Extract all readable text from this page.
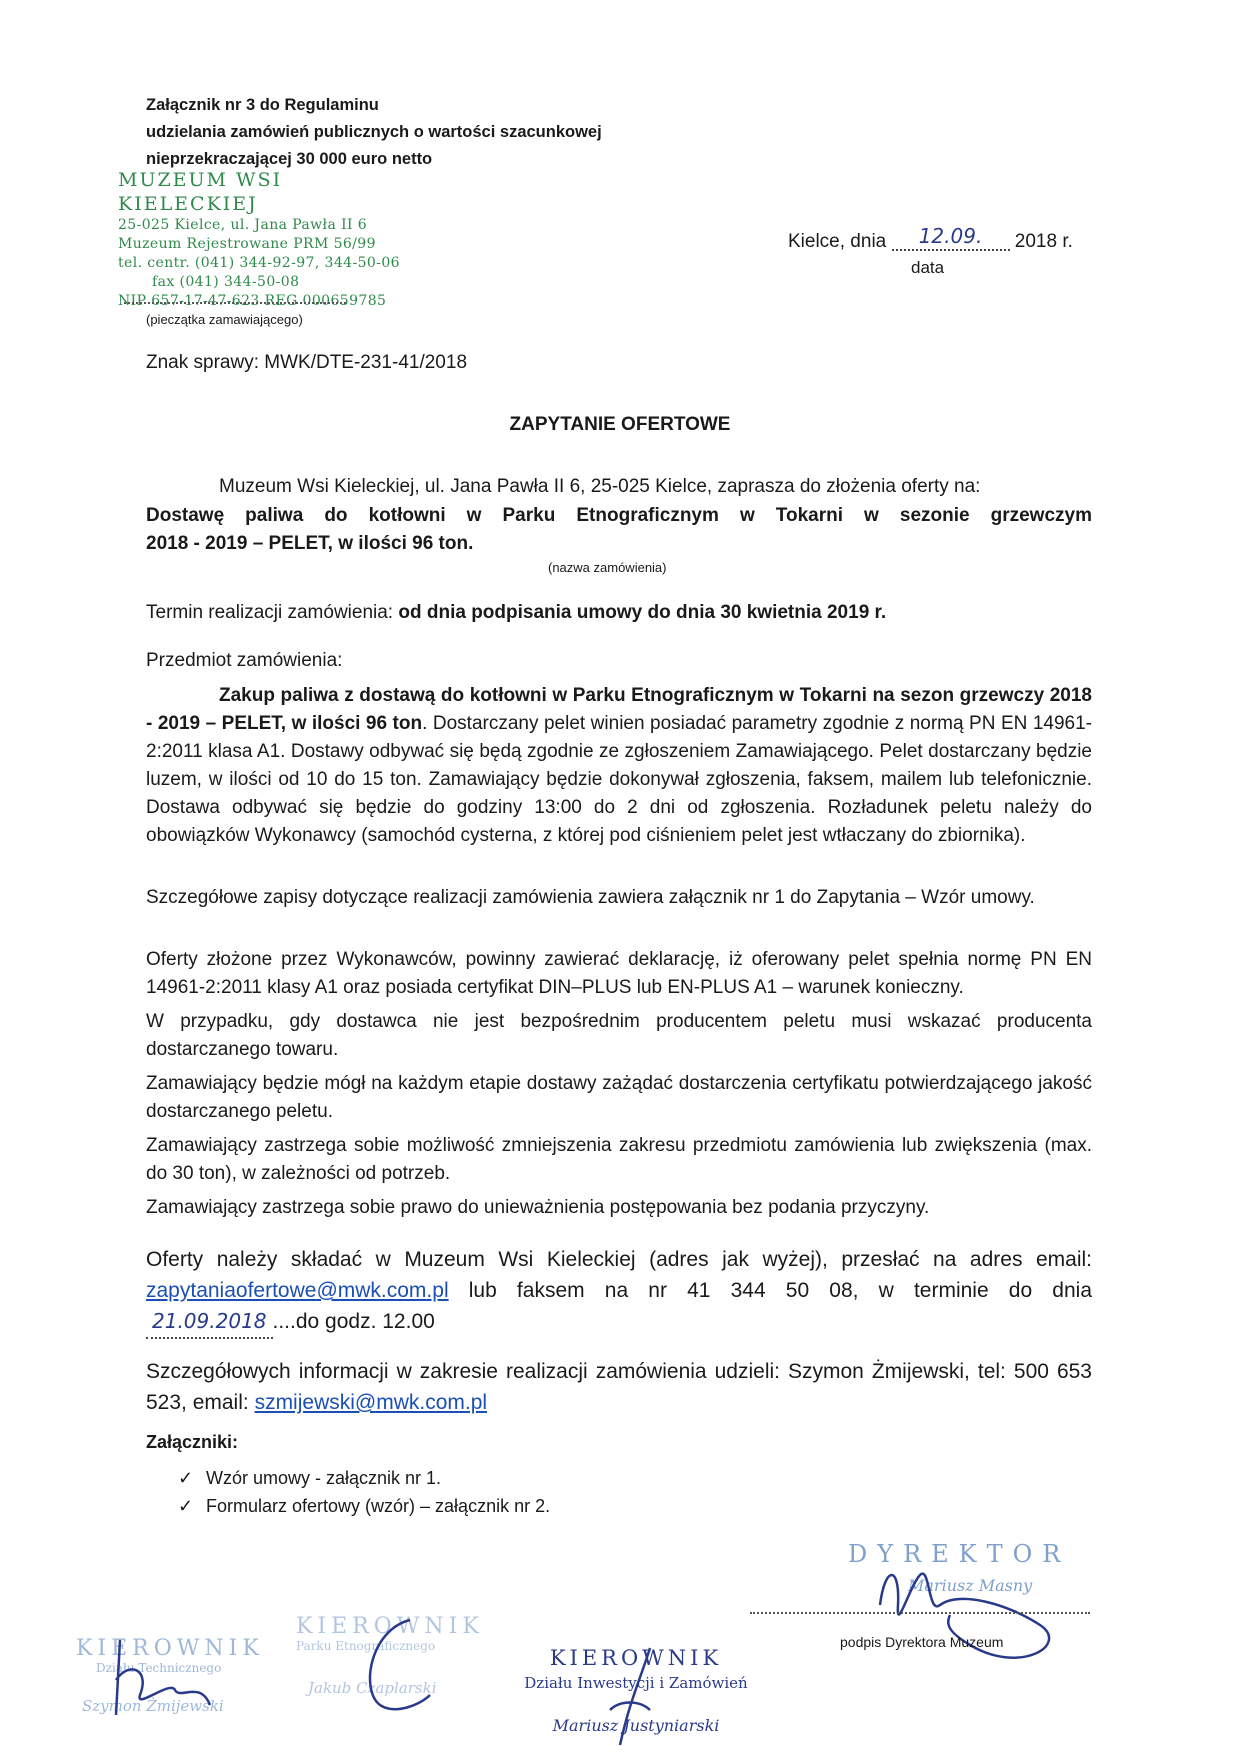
Załącznik nr 3 do Regulaminu
udzielania zamówień publicznych o wartości szacunkowej
nieprzekraczającej 30 000 euro netto
MUZEUM WSI KIELECKIEJ
25-025 Kielce, ul. Jana Pawła II 6
Muzeum Rejestrowane PRM 56/99
tel. centr. (041) 344-92-97, 344-50-06
fax (041) 344-50-08
NIP 657-17-47-623 REG 000659785
(pieczątka zamawiającego)
Kielce, dnia 12.09. 2018 r.
data
Znak sprawy: MWK/DTE-231-41/2018
ZAPYTANIE OFERTOWE
Muzeum Wsi Kieleckiej, ul. Jana Pawła II 6, 25-025 Kielce, zaprasza do złożenia oferty na:
Dostawę paliwa do kotłowni w Parku Etnograficznym w Tokarni w sezonie grzewczym
2018 - 2019 – PELET, w ilości 96 ton.
(nazwa zamówienia)
Termin realizacji zamówienia: od dnia podpisania umowy do dnia 30 kwietnia 2019 r.
Przedmiot zamówienia:
Zakup paliwa z dostawą do kotłowni w Parku Etnograficznym w Tokarni na sezon grzewczy 2018 - 2019 – PELET, w ilości 96 ton. Dostarczany pelet winien posiadać parametry zgodnie z normą PN EN 14961-2:2011 klasa A1. Dostawy odbywać się będą zgodnie ze zgłoszeniem Zamawiającego. Pelet dostarczany będzie luzem, w ilości od 10 do 15 ton. Zamawiający będzie dokonywał zgłoszenia, faksem, mailem lub telefonicznie. Dostawa odbywać się będzie do godziny 13:00 do 2 dni od zgłoszenia. Rozładunek peletu należy do obowiązków Wykonawcy (samochód cysterna, z której pod ciśnieniem pelet jest wtłaczany do zbiornika).
Szczegółowe zapisy dotyczące realizacji zamówienia zawiera załącznik nr 1 do Zapytania – Wzór umowy.
Oferty złożone przez Wykonawców, powinny zawierać deklarację, iż oferowany pelet spełnia normę PN EN 14961-2:2011 klasy A1 oraz posiada certyfikat DIN–PLUS lub EN-PLUS A1 – warunek konieczny.
W przypadku, gdy dostawca nie jest bezpośrednim producentem peletu musi wskazać producenta dostarczanego towaru.
Zamawiający będzie mógł na każdym etapie dostawy zażądać dostarczenia certyfikatu potwierdzającego jakość dostarczanego peletu.
Zamawiający zastrzega sobie możliwość zmniejszenia zakresu przedmiotu zamówienia lub zwiększenia (max. do 30 ton), w zależności od potrzeb.
Zamawiający zastrzega sobie prawo do unieważnienia postępowania bez podania przyczyny.
Oferty należy składać w Muzeum Wsi Kieleckiej (adres jak wyżej), przesłać na adres email: zapytaniaofertowe@mwk.com.pl lub faksem na nr 41 344 50 08, w terminie do dnia 21.09.2018 ....do godz. 12.00
Szczegółowych informacji w zakresie realizacji zamówienia udzieli: Szymon Żmijewski, tel: 500 653 523, email: szmijewski@mwk.com.pl
Załączniki:
✓ Wzór umowy - załącznik nr 1.
✓ Formularz ofertowy (wzór) – załącznik nr 2.
DYREKTOR
Mariusz Masny
podpis Dyrektora Muzeum
KIEROWNIK
Działu Technicznego
Szymon Żmijewski
KIEROWNIK
Parku Etnograficznego
Jakub Czaplarski
KIEROWNIK
Działu Inwestycji i Zamówień
Mariusz Justyniarski
